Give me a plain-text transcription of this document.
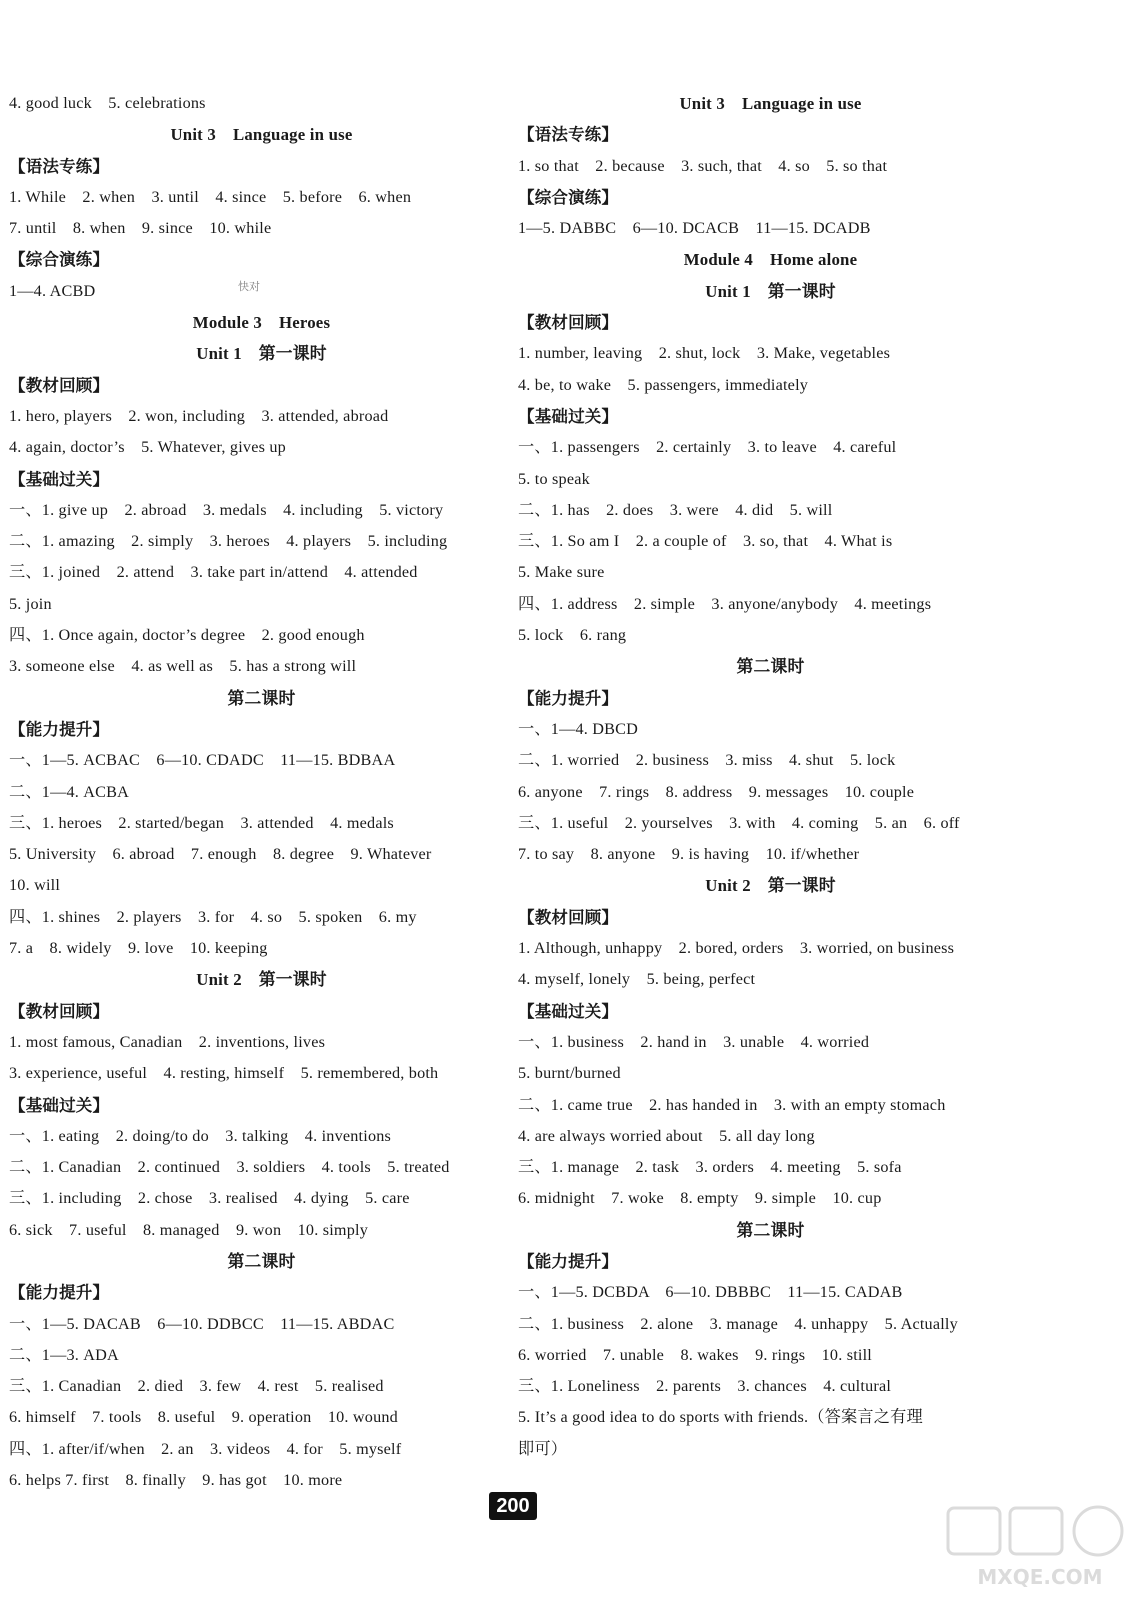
4. good luck　5. celebrations
Unit 3　Language in use
【语法专练】
1. While　2. when　3. until　4. since　5. before　6. when
7. until　8. when　9. since　10. while
【综合演练】
1—4. ACBD
Module 3　Heroes
Unit 1　第一课时
【教材回顾】
1. hero, players　2. won, including　3. attended, abroad
4. again, doctor’s　5. Whatever, gives up
【基础过关】
一、1. give up　2. abroad　3. medals　4. including　5. victory
二、1. amazing　2. simply　3. heroes　4. players　5. including
三、1. joined　2. attend　3. take part in/attend　4. attended
5. join
四、1. Once again, doctor’s degree　2. good enough
3. someone else　4. as well as　5. has a strong will
第二课时
【能力提升】
一、1—5. ACBAC　6—10. CDADC　11—15. BDBAA
二、1—4. ACBA
三、1. heroes　2. started/began　3. attended　4. medals
5. University　6. abroad　7. enough　8. degree　9. Whatever
10. will
四、1. shines　2. players　3. for　4. so　5. spoken　6. my
7. a　8. widely　9. love　10. keeping
Unit 2　第一课时
【教材回顾】
1. most famous, Canadian　2. inventions, lives
3. experience, useful　4. resting, himself　5. remembered, both
【基础过关】
一、1. eating　2. doing/to do　3. talking　4. inventions
二、1. Canadian　2. continued　3. soldiers　4. tools　5. treated
三、1. including　2. chose　3. realised　4. dying　5. care
6. sick　7. useful　8. managed　9. won　10. simply
第二课时
【能力提升】
一、1—5. DACAB　6—10. DDBCC　11—15. ABDAC
二、1—3. ADA
三、1. Canadian　2. died　3. few　4. rest　5. realised
6. himself　7. tools　8. useful　9. operation　10. wound
四、1. after/if/when　2. an　3. videos　4. for　5. myself
6. helps 7. first　8. finally　9. has got　10. more
Unit 3　Language in use
【语法专练】
1. so that　2. because　3. such, that　4. so　5. so that
【综合演练】
1—5. DABBC　6—10. DCACB　11—15. DCADB
Module 4　Home alone
Unit 1　第一课时
【教材回顾】
1. number, leaving　2. shut, lock　3. Make, vegetables
4. be, to wake　5. passengers, immediately
【基础过关】
一、1. passengers　2. certainly　3. to leave　4. careful
5. to speak
二、1. has　2. does　3. were　4. did　5. will
三、1. So am I　2. a couple of　3. so, that　4. What is
5. Make sure
四、1. address　2. simple　3. anyone/anybody　4. meetings
5. lock　6. rang
第二课时
【能力提升】
一、1—4. DBCD
二、1. worried　2. business　3. miss　4. shut　5. lock
6. anyone　7. rings　8. address　9. messages　10. couple
三、1. useful　2. yourselves　3. with　4. coming　5. an　6. off
7. to say　8. anyone　9. is having　10. if/whether
Unit 2　第一课时
【教材回顾】
1. Although, unhappy　2. bored, orders　3. worried, on business
4. myself, lonely　5. being, perfect
【基础过关】
一、1. business　2. hand in　3. unable　4. worried
5. burnt/burned
二、1. came true　2. has handed in　3. with an empty stomach
4. are always worried about　5. all day long
三、1. manage　2. task　3. orders　4. meeting　5. sofa
6. midnight　7. woke　8. empty　9. simple　10. cup
第二课时
【能力提升】
一、1—5. DCBDA　6—10. DBBBC　11—15. CADAB
二、1. business　2. alone　3. manage　4. unhappy　5. Actually
6. worried　7. unable　8. wakes　9. rings　10. still
三、1. Loneliness　2. parents　3. chances　4. cultural
5. It’s a good idea to do sports with friends.（答案言之有理
即可）
快对
200
MXQE.COM
